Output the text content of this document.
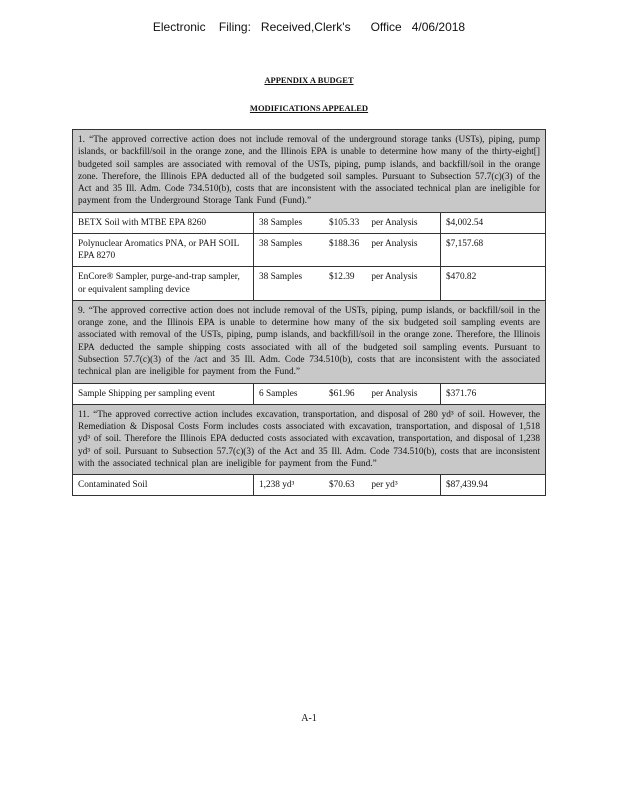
Electronic    Filing:   Received,Clerk's      Office   4/06/2018
APPENDIX A BUDGET
MODIFICATIONS APPEALED
1. “The approved corrective action does not include removal of the underground storage tanks (USTs), piping, pump islands, or backfill/soil in the orange zone, and the Illinois EPA is unable to determine how many of the thirty-eight[] budgeted soil samples are associated with removal of the USTs, piping, pump islands, and backfill/soil in the orange zone. Therefore, the Illinois EPA deducted all of the budgeted soil samples. Pursuant to Subsection 57.7(c)(3) of the Act and 35 Ill. Adm. Code 734.510(b), costs that are inconsistent with the associated technical plan are ineligible for payment from the Underground Storage Tank Fund (Fund).”		
BETX Soil with MTBE EPA 8260	38 Samples $105.33 per Analysis	$4,002.54
Polynuclear Aromatics PNA, or PAH SOIL EPA 8270	38 Samples $188.36 per Analysis	$7,157.68
EnCore® Sampler, purge-and-trap sampler, or equivalent sampling device	38 Samples $12.39 per Analysis	$470.82
9. “The approved corrective action does not include removal of the USTs, piping, pump islands, or backfill/soil in the orange zone, and the Illinois EPA is unable to determine how many of the six budgeted soil sampling events are associated with removal of the USTs, piping, pump islands, and backfill/soil in the orange zone. Therefore, the Illinois EPA deducted the sample shipping costs associated with all of the budgeted soil sampling events. Pursuant to Subsection 57.7(c)(3) of the /act and 35 Ill. Adm. Code 734.510(b), costs that are inconsistent with the associated technical plan are ineligible for payment from the Fund.”		
Sample Shipping per sampling event	6 Samples $61.96 per Analysis	$371.76
11. “The approved corrective action includes excavation, transportation, and disposal of 280 yd³ of soil. However, the Remediation & Disposal Costs Form includes costs associated with excavation, transportation, and disposal of 1,518 yd³ of soil. Therefore the Illinois EPA deducted costs associated with excavation, transportation, and disposal of 1,238 yd³ of soil. Pursuant to Subsection 57.7(c)(3) of the Act and 35 Ill. Adm. Code 734.510(b), costs that are inconsistent with the associated technical plan are ineligible for payment from the Fund.”		
Contaminated Soil	1,238 yd³ $70.63 per yd³	$87,439.94
A-1
